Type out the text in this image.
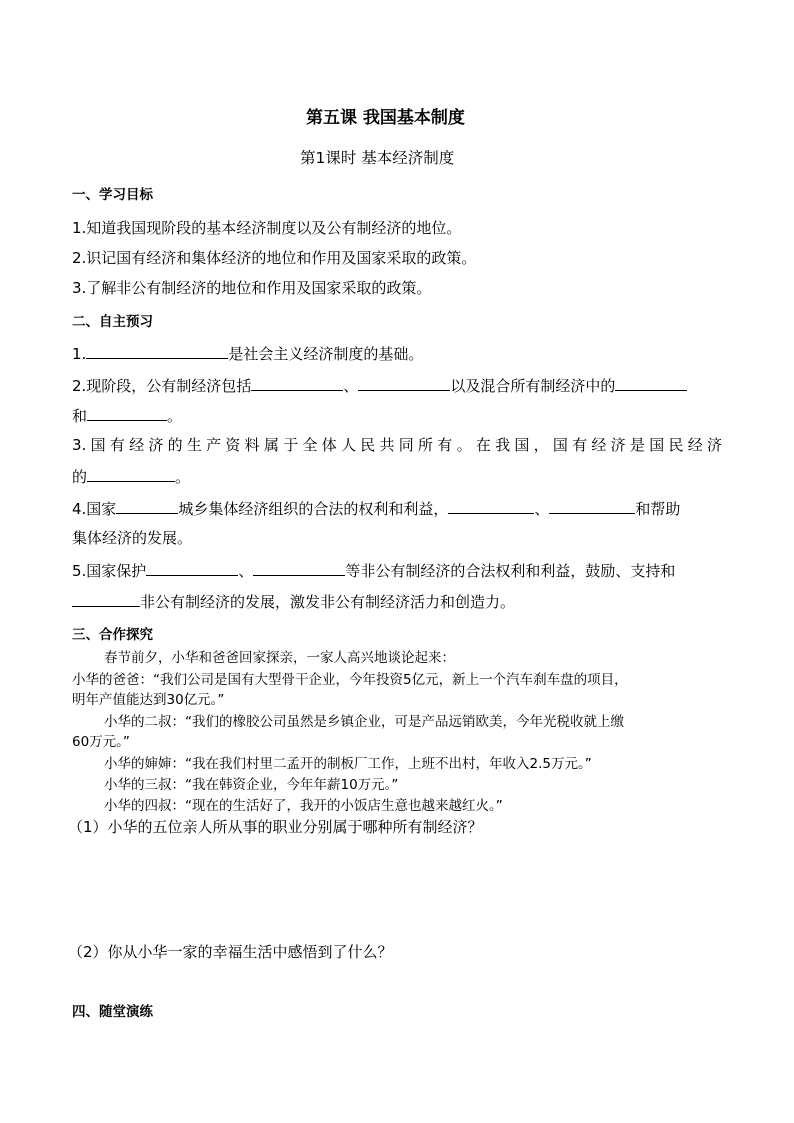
第五课 我国基本制度
第1课时 基本经济制度
一、学习目标
1.知道我国现阶段的基本经济制度以及公有制经济的地位。
2.识记国有经济和集体经济的地位和作用及国家采取的政策。
3.了解非公有制经济的地位和作用及国家采取的政策。
二、自主预习
1.	是社会主义经济制度的基础。
2.现阶段，公有制经济包括	、	以及混合所有制经济中的
和	。
3.国有经济的生产资料属于全体人民共同所有。在我国，国有经济是国民经济
的	。
4.国家	城乡集体经济组织的合法的权利和利益，	、	和帮助
集体经济的发展。
5.国家保护	、	等非公有制经济的合法权利和利益，鼓励、支持和
非公有制经济的发展，激发非公有制经济活力和创造力。
三、合作探究
春节前夕，小华和爸爸回家探亲，一家人高兴地谈论起来：
小华的爸爸：“我们公司是国有大型骨干企业，今年投资5亿元，新上一个汽车刹车盘的项目，
明年产值能达到30亿元。”
小华的二叔：“我们的橡胶公司虽然是乡镇企业，可是产品远销欧美，今年光税收就上缴
60万元。”
小华的婶婶：“我在我们村里二孟开的制板厂工作，上班不出村，年收入2.5万元。”
小华的三叔：“我在韩资企业，今年年薪10万元。”
小华的四叔：“现在的生活好了，我开的小饭店生意也越来越红火。”
（1）小华的五位亲人所从事的职业分别属于哪种所有制经济？
（2）你从小华一家的幸福生活中感悟到了什么？
四、随堂演练
